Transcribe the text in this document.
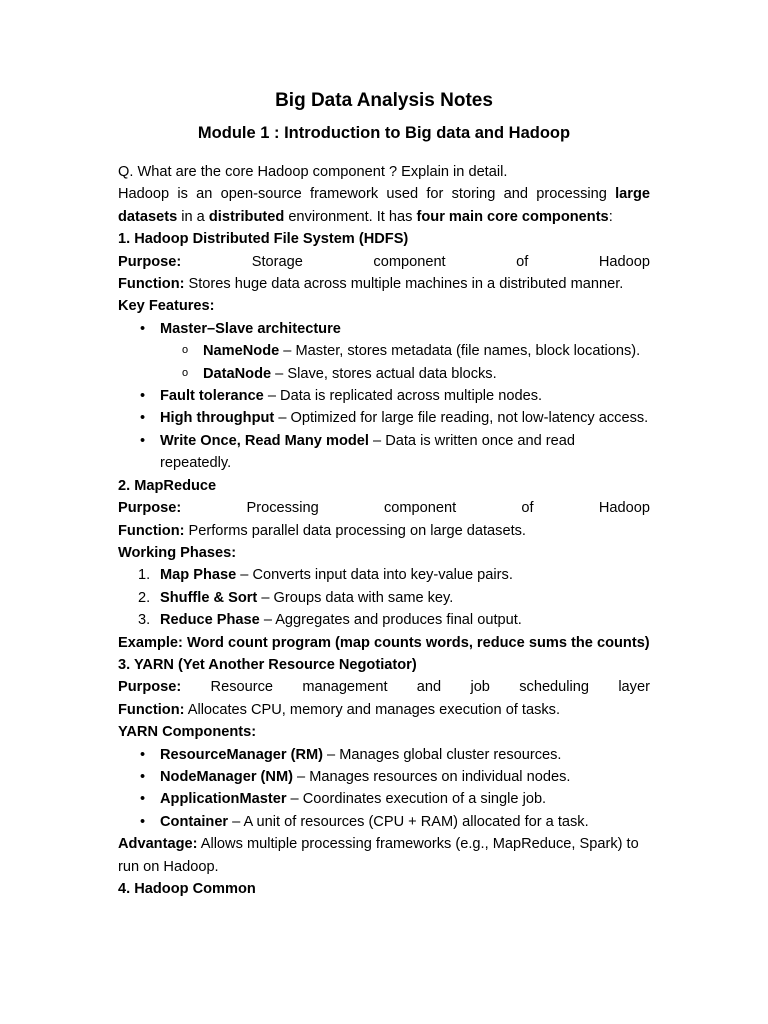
Big Data Analysis Notes
Module 1 : Introduction to Big data and Hadoop

Q. What are the core Hadoop component ? Explain in detail.

Hadoop is an open-source framework used for storing and processing large datasets in a distributed environment. It has four main core components:

1. Hadoop Distributed File System (HDFS)

Purpose:	Storage	component	of	Hadoop

Function: Stores huge data across multiple machines in a distributed manner.

Key Features:

• Master–Slave architecture
o NameNode – Master, stores metadata (file names, block locations).
o DataNode – Slave, stores actual data blocks.
• Fault tolerance – Data is replicated across multiple nodes.
• High throughput – Optimized for large file reading, not low-latency access.
• Write Once, Read Many model – Data is written once and read repeatedly.

2. MapReduce

Purpose:	Processing	component	of	Hadoop

Function: Performs parallel data processing on large datasets.

Working Phases:

1. Map Phase – Converts input data into key-value pairs.
2. Shuffle & Sort – Groups data with same key.
3. Reduce Phase – Aggregates and produces final output.

Example: Word count program (map counts words, reduce sums the counts)

3. YARN (Yet Another Resource Negotiator)

Purpose: Resource management and job scheduling layer

Function: Allocates CPU, memory and manages execution of tasks.

YARN Components:

• ResourceManager (RM) – Manages global cluster resources.
• NodeManager (NM) – Manages resources on individual nodes.
• ApplicationMaster – Coordinates execution of a single job.
• Container – A unit of resources (CPU + RAM) allocated for a task.

Advantage: Allows multiple processing frameworks (e.g., MapReduce, Spark) to run on Hadoop.

4. Hadoop Common
